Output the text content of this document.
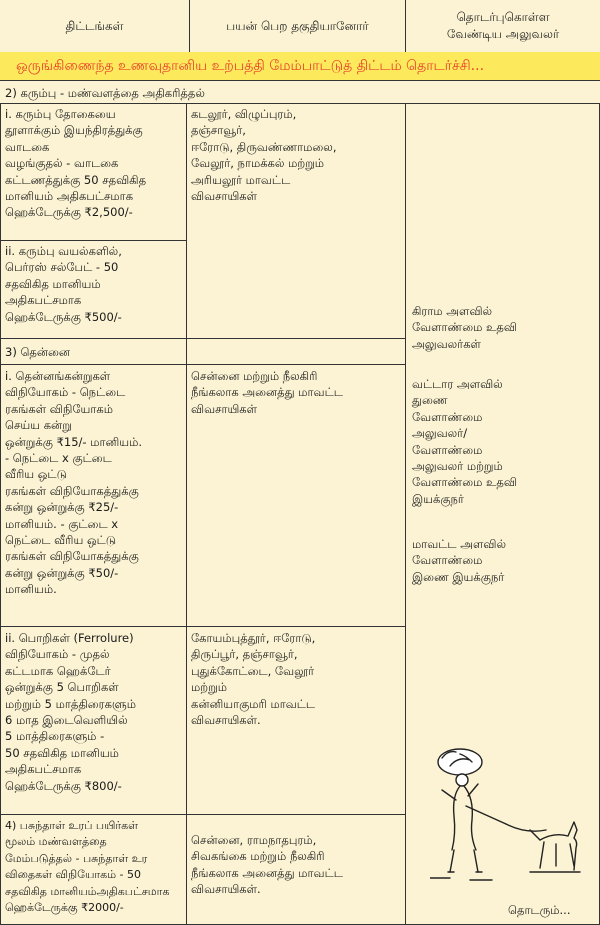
திட்டங்கள்	பயன் பெற தகுதியானோர்
தொடர்புகொள்ள
வேண்டிய அலுவலர்
ஒருங்கிணைந்த உணவுதானிய உற்பத்தி மேம்பாட்டுத் திட்டம் தொடர்ச்சி...
2) கரும்பு - மண்வளத்தை அதிகரித்தல்
i. கரும்பு தோகையை
தூளாக்கும் இயந்திரத்துக்கு
வாடகை
வழங்குதல் - வாடகை
கட்டணத்துக்கு 50 சதவிகித
மானியம் அதிகபட்சமாக
ஹெக்டேருக்கு ₹2,500/-
கடலூர், விழுப்புரம்,
தஞ்சாவூர்,
ஈரோடு, திருவண்ணாமலை,
வேலூர், நாமக்கல் மற்றும்
அரியலூர் மாவட்ட
விவசாயிகள்
ii. கரும்பு வயல்களில்,
பெர்ரஸ் சல்பேட் - 50
சதவிகித மானியம்
அதிகபட்சமாக
ஹெக்டேருக்கு ₹500/-
3) தென்னை
i. தென்னங்கன்றுகள்
விநியோகம் - நெட்டை
ரகங்கள் விநியோகம்
செய்ய கன்று
ஒன்றுக்கு ₹15/- மானியம்.
- நெட்டை x குட்டை
வீரிய ஒட்டு
ரகங்கள் விநியோகத்துக்கு
கன்று ஒன்றுக்கு ₹25/-
மானியம். - குட்டை x
நெட்டை வீரிய ஒட்டு
ரகங்கள் விநியோகத்துக்கு
கன்று ஒன்றுக்கு ₹50/-
மானியம்.
சென்னை மற்றும் நீலகிரி
நீங்கலாக அனைத்து மாவட்ட
விவசாயிகள்
ii. பொறிகள் (Ferrolure)
விநியோகம் - முதல்
கட்டமாக ஹெக்டேர்
ஒன்றுக்கு 5 பொறிகள்
மற்றும் 5 மாத்திரைகளும்
6 மாத இடைவெளியில்
5 மாத்திரைகளும் -
50 சதவிகித மானியம்
அதிகபட்சமாக
ஹெக்டேருக்கு ₹800/-
கோயம்புத்தூர், ஈரோடு,
திருப்பூர், தஞ்சாவூர்,
புதுக்கோட்டை, வேலூர்
மற்றும்
கன்னியாகுமரி மாவட்ட
விவசாயிகள்.
4) பசுந்தாள் உரப் பயிர்கள்
மூலம் மண்வளத்தை
மேம்படுத்தல் - பசுந்தாள் உர
விதைகள் விநியோகம் - 50
சதவிகித மானியம்அதிகபட்சமாக
ஹெக்டேருக்கு ₹2000/-
சென்னை, ராமநாதபுரம்,
சிவகங்கை மற்றும் நீலகிரி
நீங்கலாக அனைத்து மாவட்ட
விவசாயிகள்.
கிராம அளவில்
வேளாண்மை உதவி
அலுவலர்கள்
வட்டார அளவில்
துணை
வேளாண்மை
அலுவலர்/
வேளாண்மை
அலுவலர் மற்றும்
வேளாண்மை உதவி
இயக்குநர்
மாவட்ட அளவில்
வேளாண்மை
இணை இயக்குநர்
தொடரும்...
